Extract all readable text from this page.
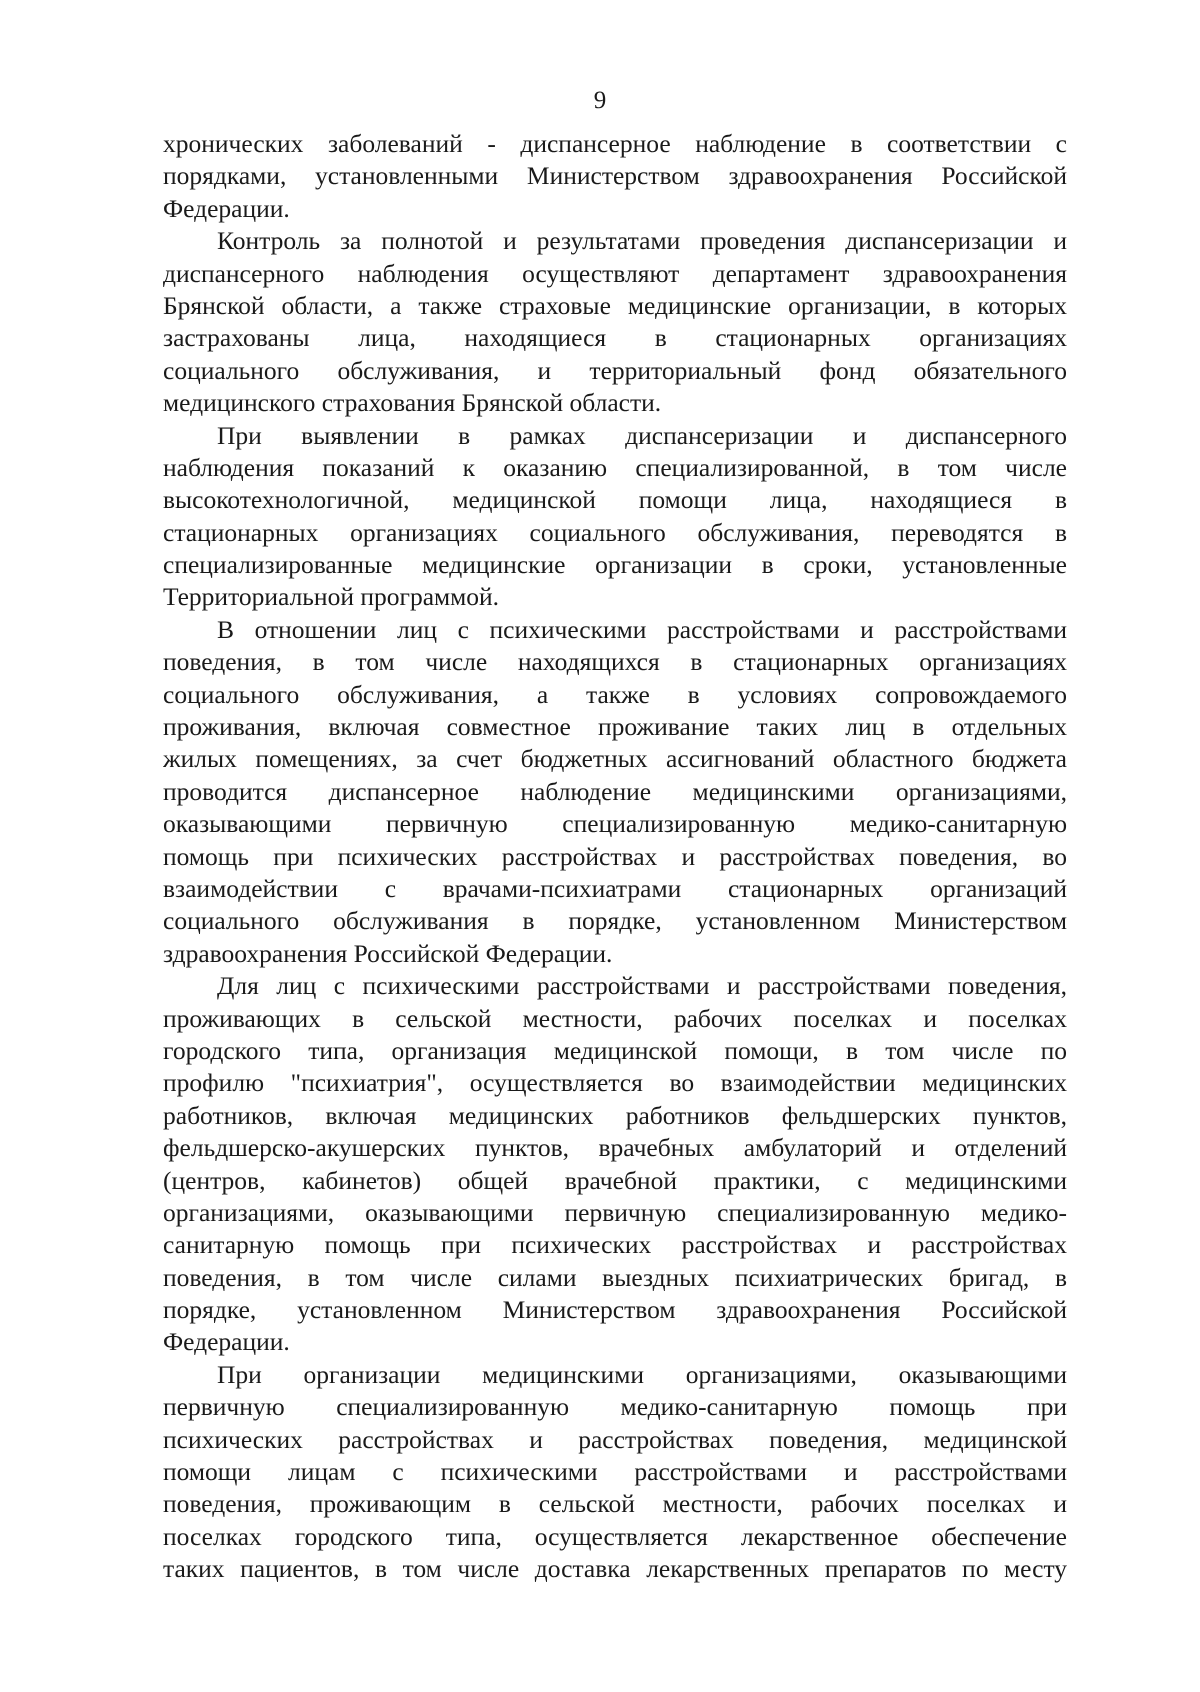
9
хронических заболеваний - диспансерное наблюдение в соответствии с
порядками, установленными Министерством здравоохранения Российской
Федерации.
Контроль за полнотой и результатами проведения диспансеризации и
диспансерного наблюдения осуществляют департамент здравоохранения
Брянской области, а также страховые медицинские организации, в которых
застрахованы лица, находящиеся в стационарных организациях
социального обслуживания, и территориальный фонд обязательного
медицинского страхования Брянской области.
При выявлении в рамках диспансеризации и диспансерного
наблюдения показаний к оказанию специализированной, в том числе
высокотехнологичной, медицинской помощи лица, находящиеся в
стационарных организациях социального обслуживания, переводятся в
специализированные медицинские организации в сроки, установленные
Территориальной программой.
В отношении лиц с психическими расстройствами и расстройствами
поведения, в том числе находящихся в стационарных организациях
социального обслуживания, а также в условиях сопровождаемого
проживания, включая совместное проживание таких лиц в отдельных
жилых помещениях, за счет бюджетных ассигнований областного бюджета
проводится диспансерное наблюдение медицинскими организациями,
оказывающими первичную специализированную медико-санитарную
помощь при психических расстройствах и расстройствах поведения, во
взаимодействии с врачами-психиатрами стационарных организаций
социального обслуживания в порядке, установленном Министерством
здравоохранения Российской Федерации.
Для лиц с психическими расстройствами и расстройствами поведения,
проживающих в сельской местности, рабочих поселках и поселках
городского типа, организация медицинской помощи, в том числе по
профилю "психиатрия", осуществляется во взаимодействии медицинских
работников, включая медицинских работников фельдшерских пунктов,
фельдшерско-акушерских пунктов, врачебных амбулаторий и отделений
(центров, кабинетов) общей врачебной практики, с медицинскими
организациями, оказывающими первичную специализированную медико-
санитарную помощь при психических расстройствах и расстройствах
поведения, в том числе силами выездных психиатрических бригад, в
порядке, установленном Министерством здравоохранения Российской
Федерации.
При организации медицинскими организациями, оказывающими
первичную специализированную медико-санитарную помощь при
психических расстройствах и расстройствах поведения, медицинской
помощи лицам с психическими расстройствами и расстройствами
поведения, проживающим в сельской местности, рабочих поселках и
поселках городского типа, осуществляется лекарственное обеспечение
таких пациентов, в том числе доставка лекарственных препаратов по месту
